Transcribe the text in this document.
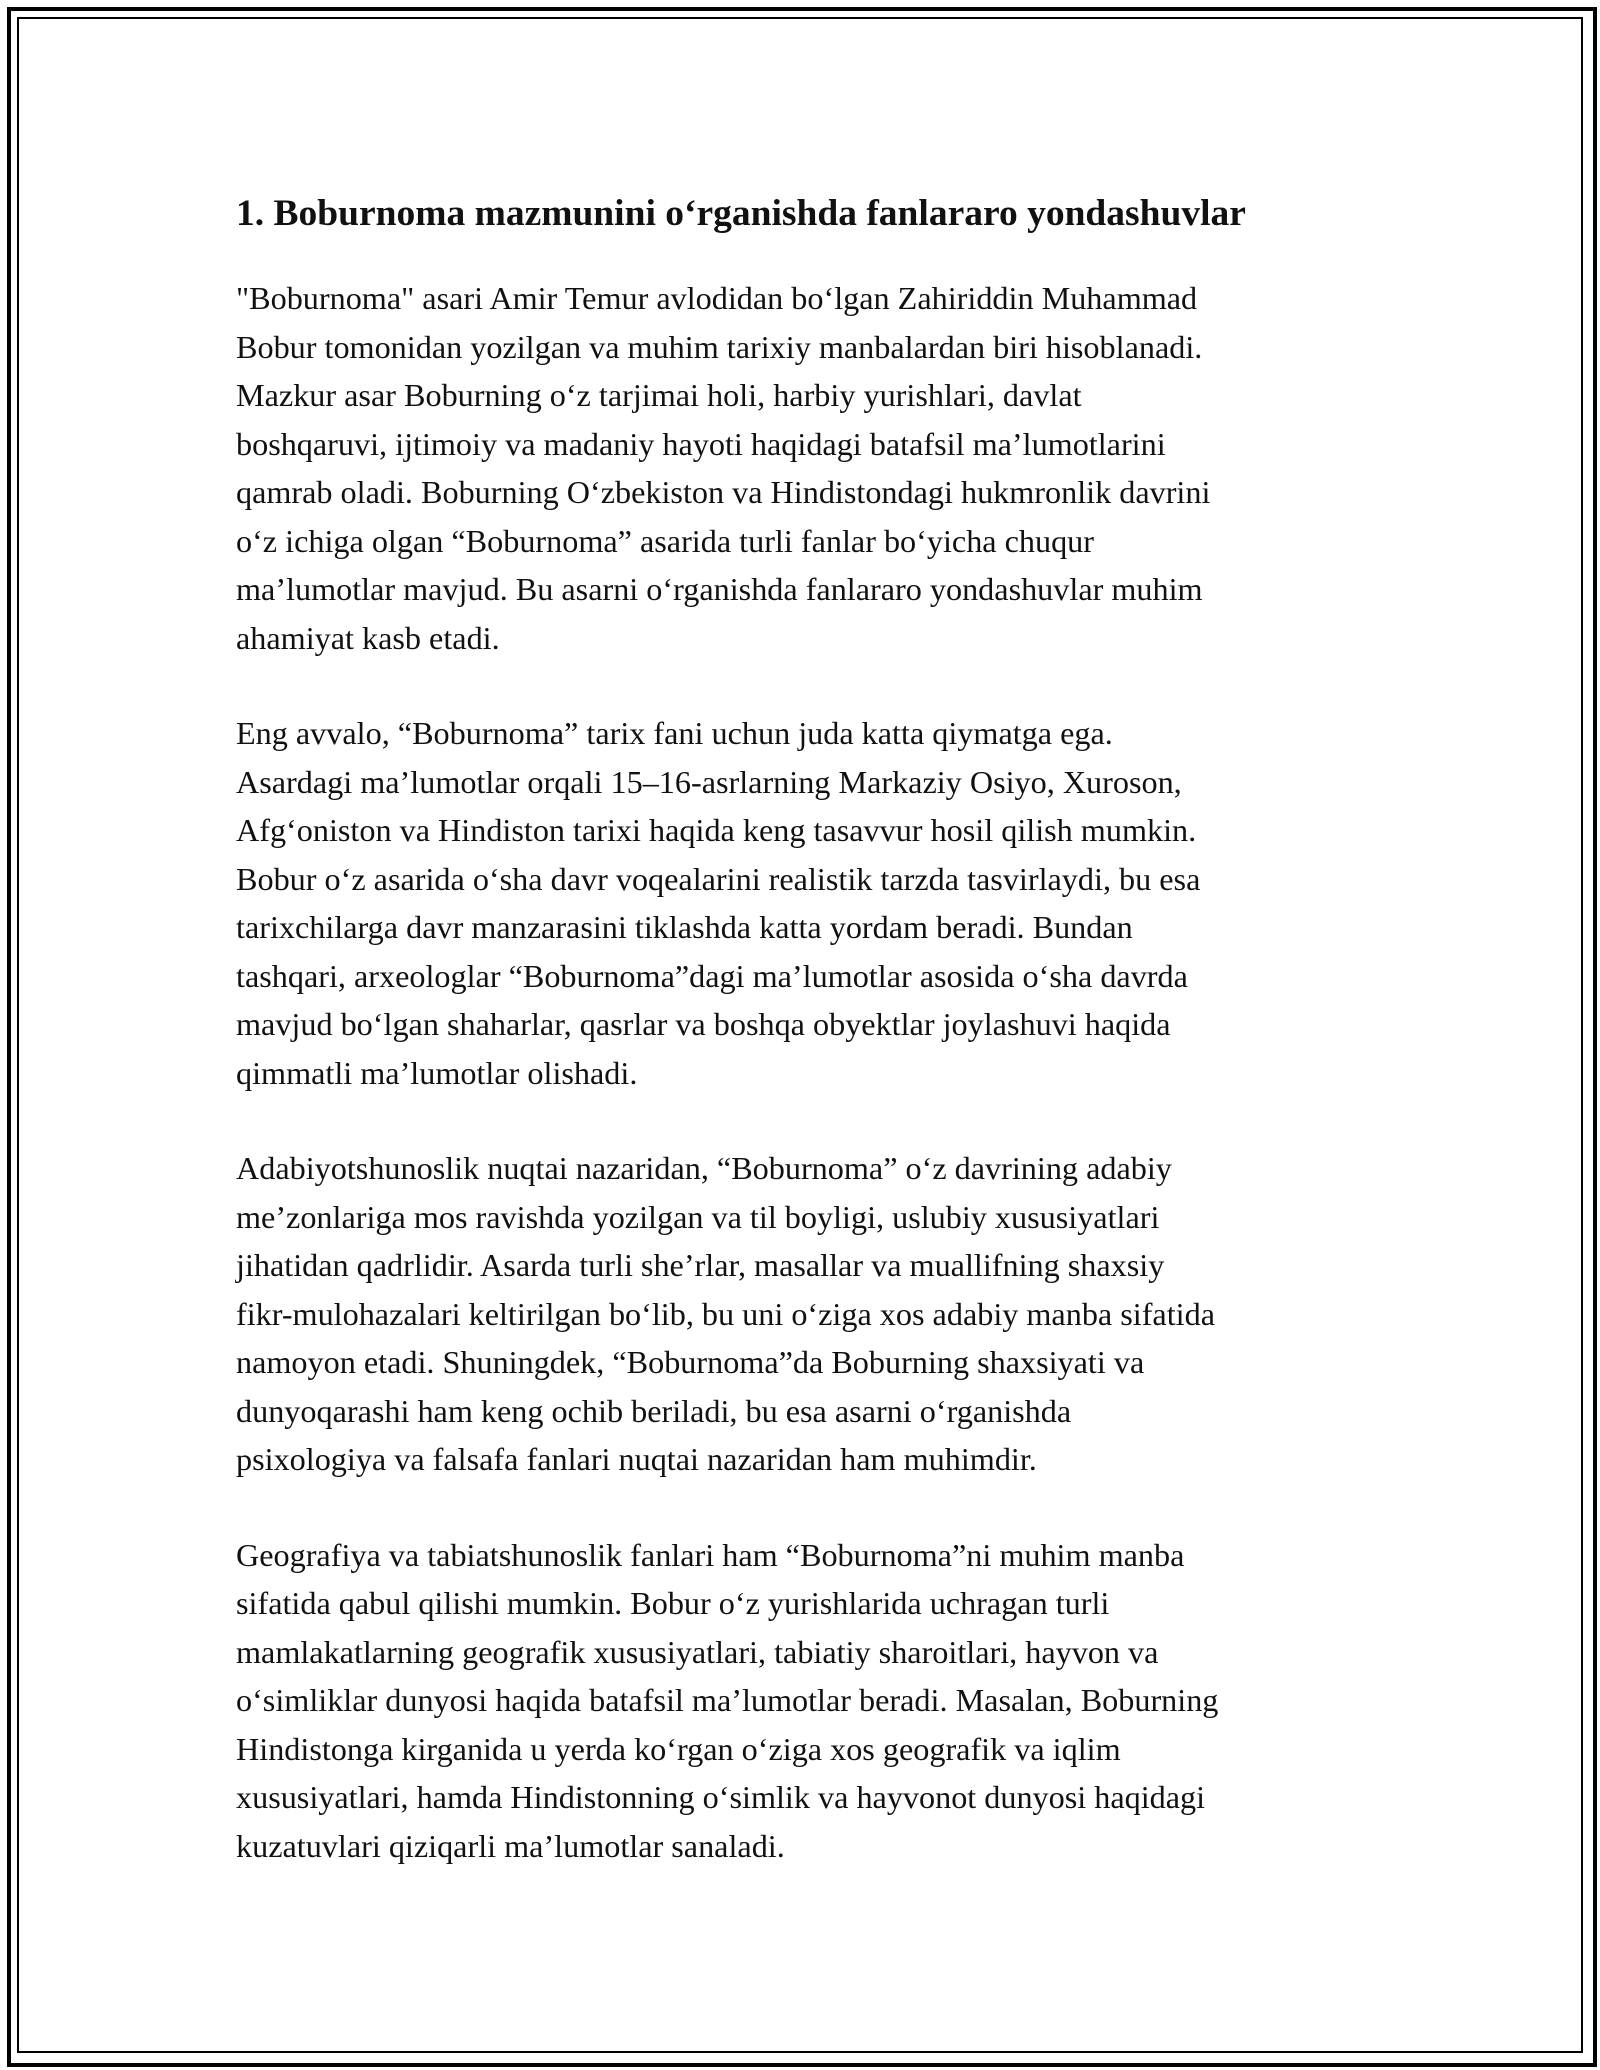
1. Boburnoma mazmunini o‘rganishda fanlararo yondashuvlar

"Boburnoma" asari Amir Temur avlodidan bo‘lgan Zahiriddin Muhammad
Bobur tomonidan yozilgan va muhim tarixiy manbalardan biri hisoblanadi.
Mazkur asar Boburning o‘z tarjimai holi, harbiy yurishlari, davlat
boshqaruvi, ijtimoiy va madaniy hayoti haqidagi batafsil ma’lumotlarini
qamrab oladi. Boburning O‘zbekiston va Hindistondagi hukmronlik davrini
o‘z ichiga olgan “Boburnoma” asarida turli fanlar bo‘yicha chuqur
ma’lumotlar mavjud. Bu asarni o‘rganishda fanlararo yondashuvlar muhim
ahamiyat kasb etadi.

Eng avvalo, “Boburnoma” tarix fani uchun juda katta qiymatga ega.
Asardagi ma’lumotlar orqali 15–16-asrlarning Markaziy Osiyo, Xuroson,
Afg‘oniston va Hindiston tarixi haqida keng tasavvur hosil qilish mumkin.
Bobur o‘z asarida o‘sha davr voqealarini realistik tarzda tasvirlaydi, bu esa
tarixchilarga davr manzarasini tiklashda katta yordam beradi. Bundan
tashqari, arxeologlar “Boburnoma”dagi ma’lumotlar asosida o‘sha davrda
mavjud bo‘lgan shaharlar, qasrlar va boshqa obyektlar joylashuvi haqida
qimmatli ma’lumotlar olishadi.

Adabiyotshunoslik nuqtai nazaridan, “Boburnoma” o‘z davrining adabiy
me’zonlariga mos ravishda yozilgan va til boyligi, uslubiy xususiyatlari
jihatidan qadrlidir. Asarda turli she’rlar, masallar va muallifning shaxsiy
fikr-mulohazalari keltirilgan bo‘lib, bu uni o‘ziga xos adabiy manba sifatida
namoyon etadi. Shuningdek, “Boburnoma”da Boburning shaxsiyati va
dunyoqarashi ham keng ochib beriladi, bu esa asarni o‘rganishda
psixologiya va falsafa fanlari nuqtai nazaridan ham muhimdir.

Geografiya va tabiatshunoslik fanlari ham “Boburnoma”ni muhim manba
sifatida qabul qilishi mumkin. Bobur o‘z yurishlarida uchragan turli
mamlakatlarning geografik xususiyatlari, tabiatiy sharoitlari, hayvon va
o‘simliklar dunyosi haqida batafsil ma’lumotlar beradi. Masalan, Boburning
Hindistonga kirganida u yerda ko‘rgan o‘ziga xos geografik va iqlim
xususiyatlari, hamda Hindistonning o‘simlik va hayvonot dunyosi haqidagi
kuzatuvlari qiziqarli ma’lumotlar sanaladi.
